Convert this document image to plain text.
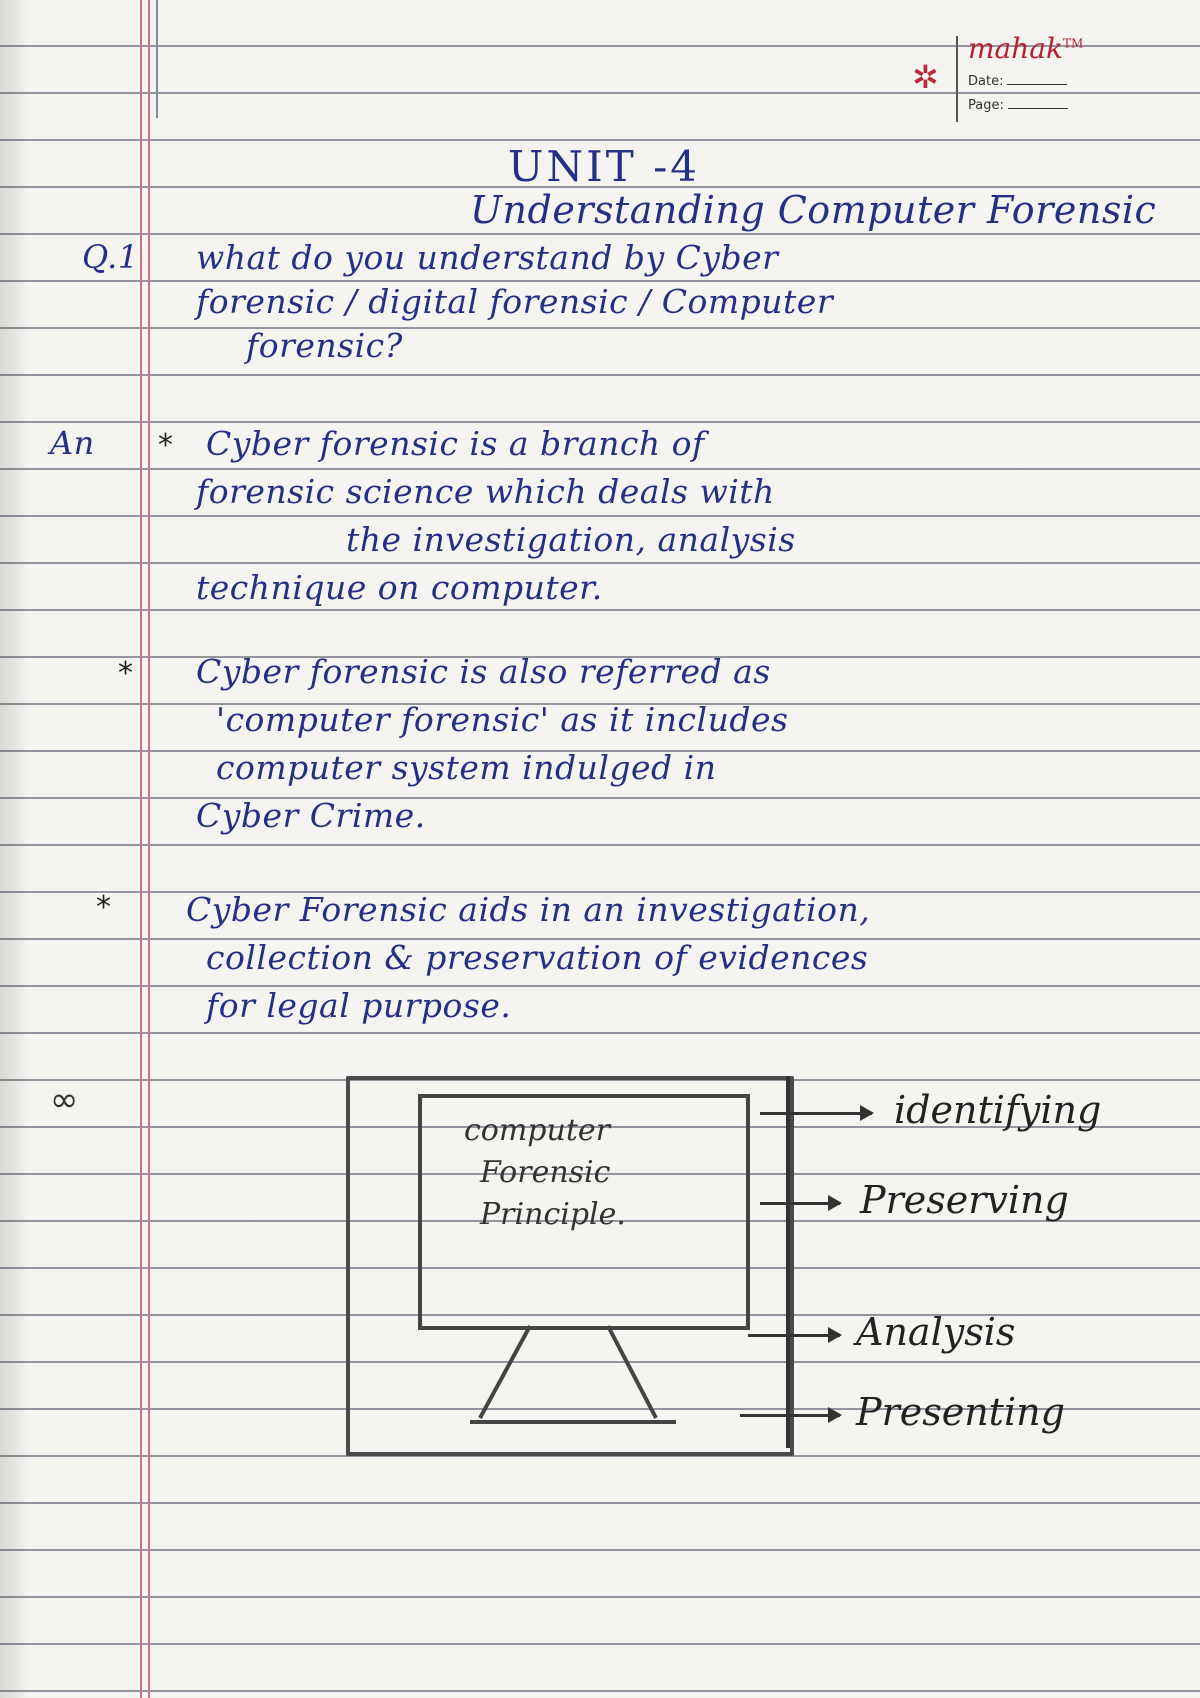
✲
mahak™
Date:
Page:
UNIT -4
Understanding Computer Forensic
Q.1 what do you understand by Cyber
forensic / digital forensic / Computer
forensic?
An * Cyber forensic is a branch of
forensic science which deals with
the investigation, analysis
technique on computer.
* Cyber forensic is also referred as
'computer forensic' as it includes
computer system indulged in
Cyber Crime.
* Cyber Forensic aids in an investigation,
collection & preservation of evidences
for legal purpose.
∞
computer
Forensic
Principle.
identifying
Preserving
Analysis
Presenting
